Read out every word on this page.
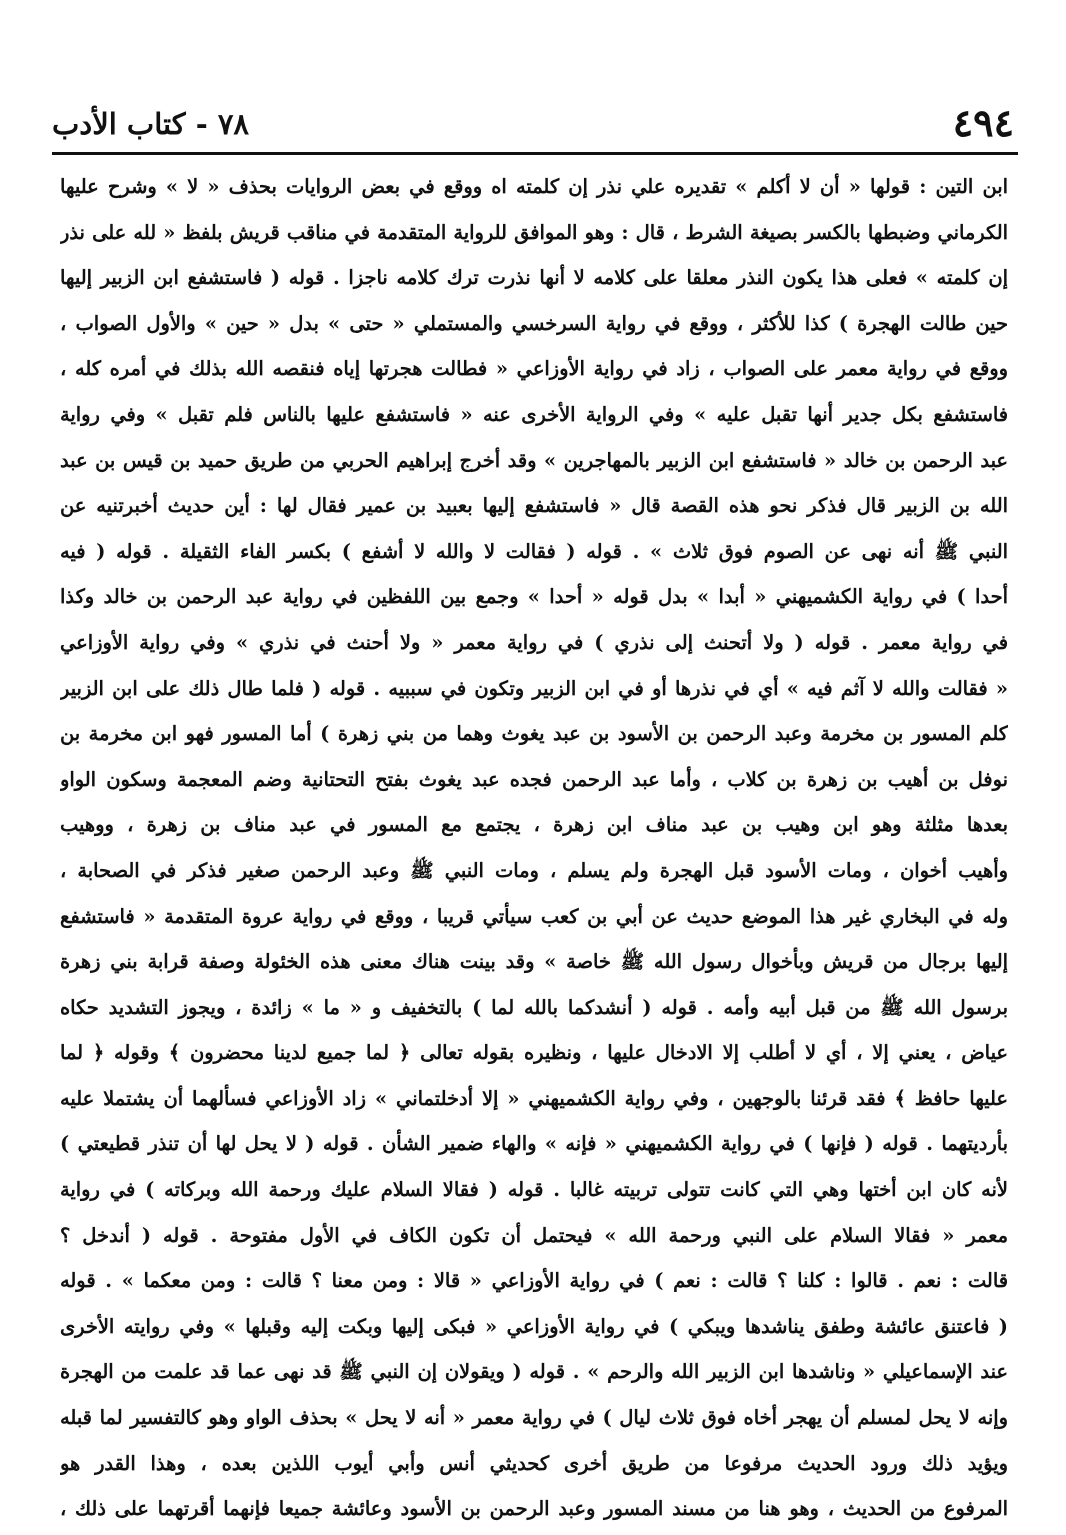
٤٩٤
٧٨ - كتاب الأدب
ابن التين : قولها « أن لا أكلم » تقديره علي نذر إن كلمته اه ووقع في بعض الروايات بحذف « لا » وشرح عليها
الكرماني وضبطها بالكسر بصيغة الشرط ، قال : وهو الموافق للرواية المتقدمة في مناقب قريش بلفظ « لله على نذر
إن كلمته » فعلى هذا يكون النذر معلقا على كلامه لا أنها نذرت ترك كلامه ناجزا . قوله ( فاستشفع ابن الزبير إليها
حين طالت الهجرة ) كذا للأكثر ، ووقع في رواية السرخسي والمستملي « حتى » بدل « حين » والأول الصواب ،
ووقع في رواية معمر على الصواب ، زاد في رواية الأوزاعي « فطالت هجرتها إياه فنقصه الله بذلك في أمره كله ،
فاستشفع بكل جدير أنها تقبل عليه » وفي الرواية الأخرى عنه « فاستشفع عليها بالناس فلم تقبل » وفي رواية
عبد الرحمن بن خالد « فاستشفع ابن الزبير بالمهاجرين » وقد أخرج إبراهيم الحربي من طريق حميد بن قيس بن عبد
الله بن الزبير قال فذكر نحو هذه القصة قال « فاستشفع إليها بعبيد بن عمير فقال لها : أين حديث أخبرتنيه عن
النبي ﷺ أنه نهى عن الصوم فوق ثلاث » . قوله ( فقالت لا والله لا أشفع ) بكسر الفاء الثقيلة . قوله ( فيه
أحدا ) في رواية الكشميهني « أبدا » بدل قوله « أحدا » وجمع بين اللفظين في رواية عبد الرحمن بن خالد وكذا
في رواية معمر . قوله ( ولا أتحنث إلى نذري ) في رواية معمر « ولا أحنث في نذري » وفي رواية الأوزاعي
« فقالت والله لا آثم فيه » أي في نذرها أو في ابن الزبير وتكون في سببيه . قوله ( فلما طال ذلك على ابن الزبير
كلم المسور بن مخرمة وعبد الرحمن بن الأسود بن عبد يغوث وهما من بني زهرة ) أما المسور فهو ابن مخرمة بن
نوفل بن أهيب بن زهرة بن كلاب ، وأما عبد الرحمن فجده عبد يغوث بفتح التحتانية وضم المعجمة وسكون الواو
بعدها مثلثة وهو ابن وهيب بن عبد مناف ابن زهرة ، يجتمع مع المسور في عبد مناف بن زهرة ، ووهيب
وأهيب أخوان ، ومات الأسود قبل الهجرة ولم يسلم ، ومات النبي ﷺ وعبد الرحمن صغير فذكر في الصحابة ،
وله في البخاري غير هذا الموضع حديث عن أبي بن كعب سيأتي قريبا ، ووقع في رواية عروة المتقدمة « فاستشفع
إليها برجال من قريش وبأخوال رسول الله ﷺ خاصة » وقد بينت هناك معنى هذه الخئولة وصفة قرابة بني زهرة
برسول الله ﷺ من قبل أبيه وأمه . قوله ( أنشدكما بالله لما ) بالتخفيف و « ما » زائدة ، ويجوز التشديد حكاه
عياض ، يعني إلا ، أي لا أطلب إلا الادخال عليها ، ونظيره بقوله تعالى ﴿ لما جميع لدينا محضرون ﴾ وقوله ﴿ لما
عليها حافظ ﴾ فقد قرئنا بالوجهين ، وفي رواية الكشميهني « إلا أدخلتماني » زاد الأوزاعي فسألهما أن يشتملا عليه
بأرديتهما . قوله ( فإنها ) في رواية الكشميهني « فإنه » والهاء ضمير الشأن . قوله ( لا يحل لها أن تنذر قطيعتي )
لأنه كان ابن أختها وهي التي كانت تتولى تربيته غالبا . قوله ( فقالا السلام عليك ورحمة الله وبركاته ) في رواية
معمر « فقالا السلام على النبي ورحمة الله » فيحتمل أن تكون الكاف في الأول مفتوحة . قوله ( أندخل ؟
قالت : نعم . قالوا : كلنا ؟ قالت : نعم ) في رواية الأوزاعي « قالا : ومن معنا ؟ قالت : ومن معكما » . قوله
( فاعتنق عائشة وطفق يناشدها ويبكي ) في رواية الأوزاعي « فبكى إليها وبكت إليه وقبلها » وفي روايته الأخرى
عند الإسماعيلي « وناشدها ابن الزبير الله والرحم » . قوله ( ويقولان إن النبي ﷺ قد نهى عما قد علمت من الهجرة
وإنه لا يحل لمسلم أن يهجر أخاه فوق ثلاث ليال ) في رواية معمر « أنه لا يحل » بحذف الواو وهو كالتفسير لما قبله
ويؤيد ذلك ورود الحديث مرفوعا من طريق أخرى كحديثي أنس وأبي أيوب اللذين بعده ، وهذا القدر هو
المرفوع من الحديث ، وهو هنا من مسند المسور وعبد الرحمن بن الأسود وعائشة جميعا فإنهما أقرتهما على ذلك ،
